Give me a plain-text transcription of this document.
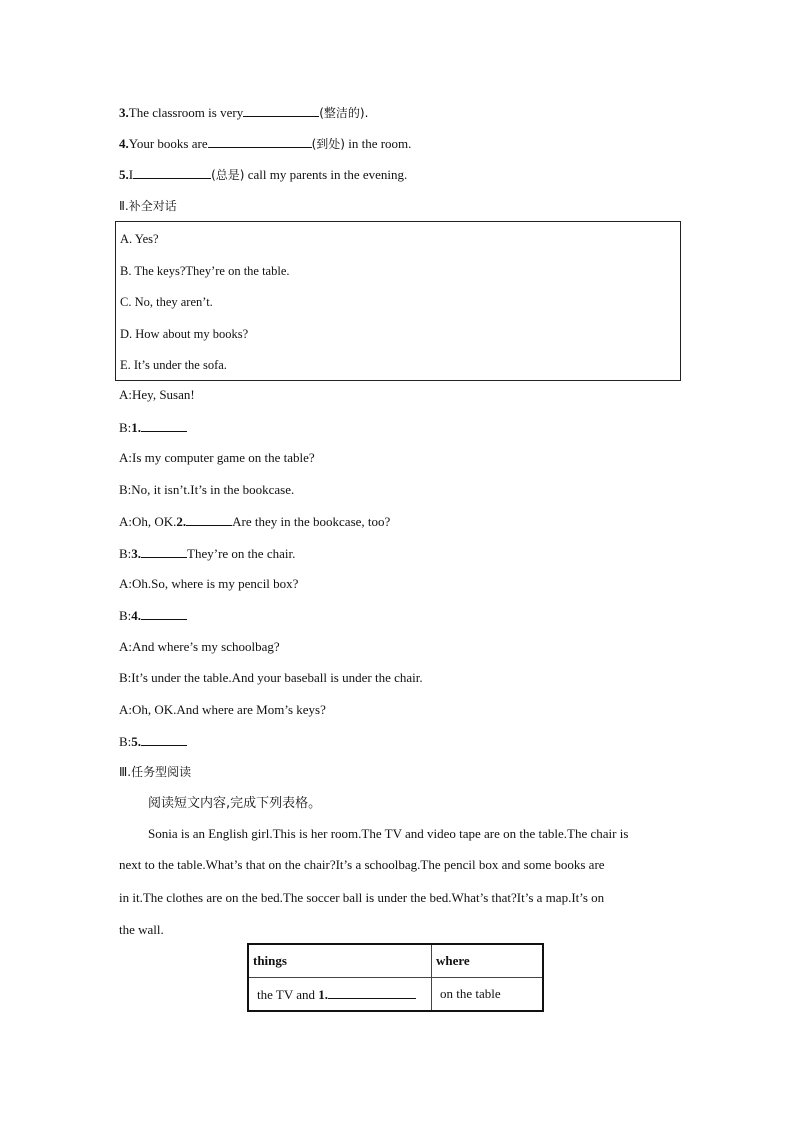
3.The classroom is very	(整洁的).
4.Your books are	(到处) in the room.
5.I	(总是) call my parents in the evening.
Ⅱ.补全对话
A. Yes?
B. The keys?They’re on the table.
C. No, they aren’t.
D. How about my books?
E. It’s under the sofa.
A:Hey, Susan!
B:1.
A:Is my computer game on the table?
B:No, it isn’t.It’s in the bookcase.
A:Oh, OK.2.	Are they in the bookcase, too?
B:3.	They’re on the chair.
A:Oh.So, where is my pencil box?
B:4.
A:And where’s my schoolbag?
B:It’s under the table.And your baseball is under the chair.
A:Oh, OK.And where are Mom’s keys?
B:5.
Ⅲ.任务型阅读
阅读短文内容,完成下列表格。
Sonia is an English girl.This is her room.The TV and video tape are on the table.The chair is
next to the table.What’s that on the chair?It’s a schoolbag.The pencil box and some books are
in it.The clothes are on the bed.The soccer ball is under the bed.What’s that?It’s a map.It’s on
the wall.
things	where
the TV and 1.	on the table
